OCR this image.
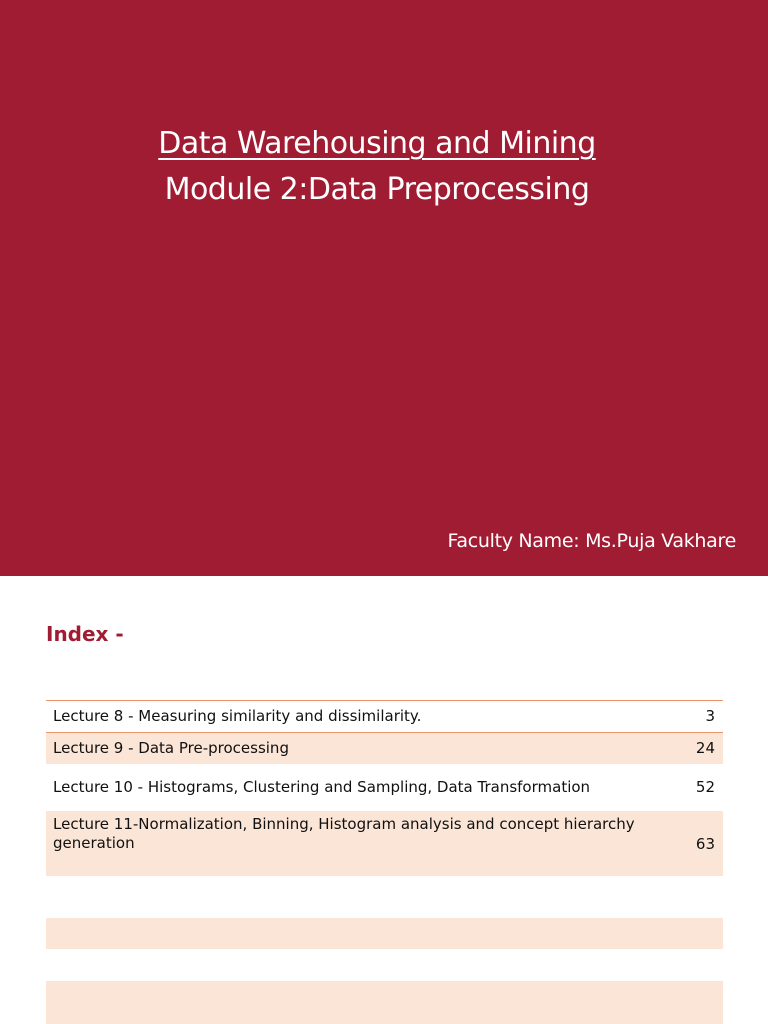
Data Warehousing and Mining
Module 2:Data Preprocessing
Faculty Name: Ms.Puja Vakhare
Index -
Lecture 8 - Measuring similarity and dissimilarity.	3
Lecture 9 - Data Pre-processing	24
Lecture 10 - Histograms, Clustering and Sampling, Data Transformation	52
Lecture 11-Normalization, Binning, Histogram analysis and concept hierarchy generation	63
